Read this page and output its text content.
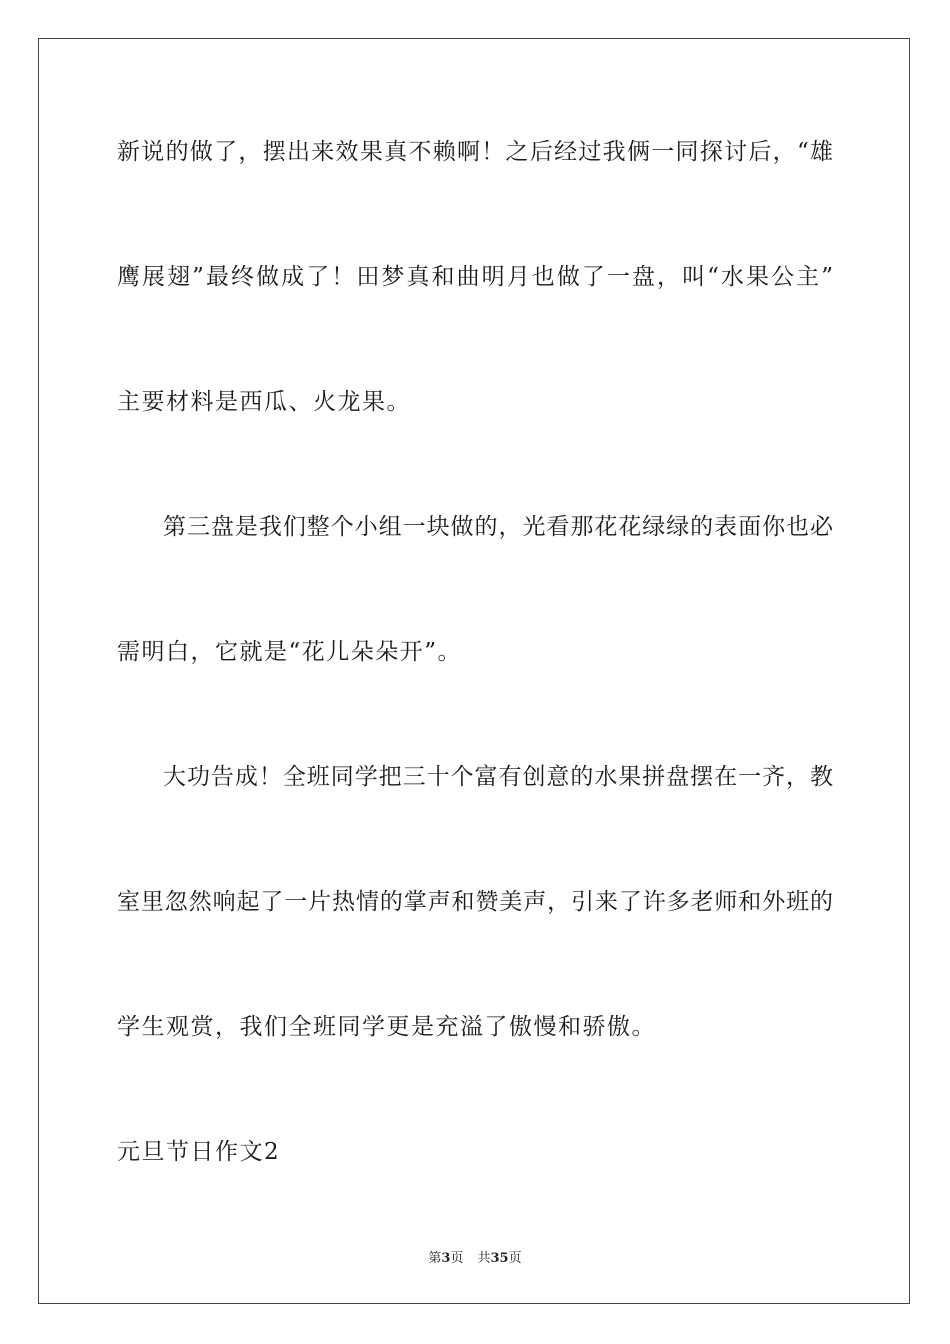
新说的做了，摆出来效果真不赖啊！之后经过我俩一同探讨后，“雄
鹰展翅”最终做成了！田梦真和曲明月也做了一盘，叫“水果公主”
主要材料是西瓜、火龙果。
第三盘是我们整个小组一块做的，光看那花花绿绿的表面你也必
需明白，它就是“花儿朵朵开”。
大功告成！全班同学把三十个富有创意的水果拼盘摆在一齐，教
室里忽然响起了一片热情的掌声和赞美声，引来了许多老师和外班的
学生观赏，我们全班同学更是充溢了傲慢和骄傲。
元旦节日作文2
第3页 共35页
